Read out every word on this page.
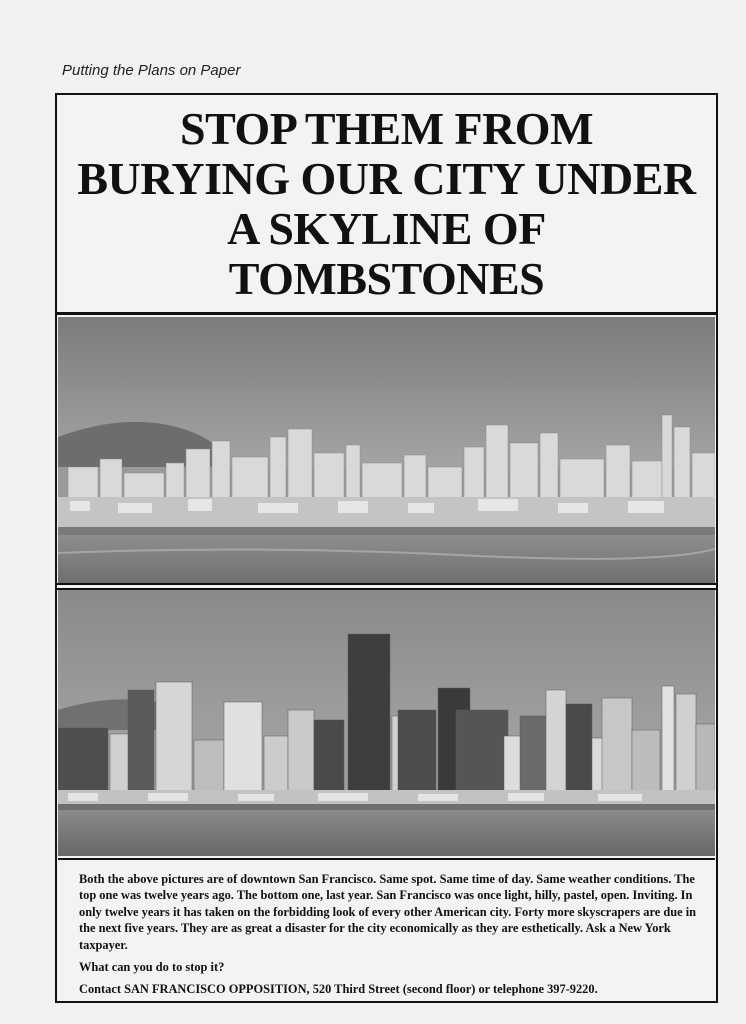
Putting the Plans on Paper
STOP THEM FROM BURYING OUR CITY UNDER A SKYLINE OF TOMBSTONES

Both the above pictures are of downtown San Francisco. Same spot. Same time of day. Same weather conditions. The top one was twelve years ago. The bottom one, last year. San Francisco was once light, hilly, pastel, open. Inviting. In only twelve years it has taken on the forbidding look of every other American city. Forty more skyscrapers are due in the next five years. They are as great a disaster for the city economically as they are esthetically. Ask a New York taxpayer.

What can you do to stop it?

Contact SAN FRANCISCO OPPOSITION, 520 Third Street (second floor) or telephone 397-9220.
